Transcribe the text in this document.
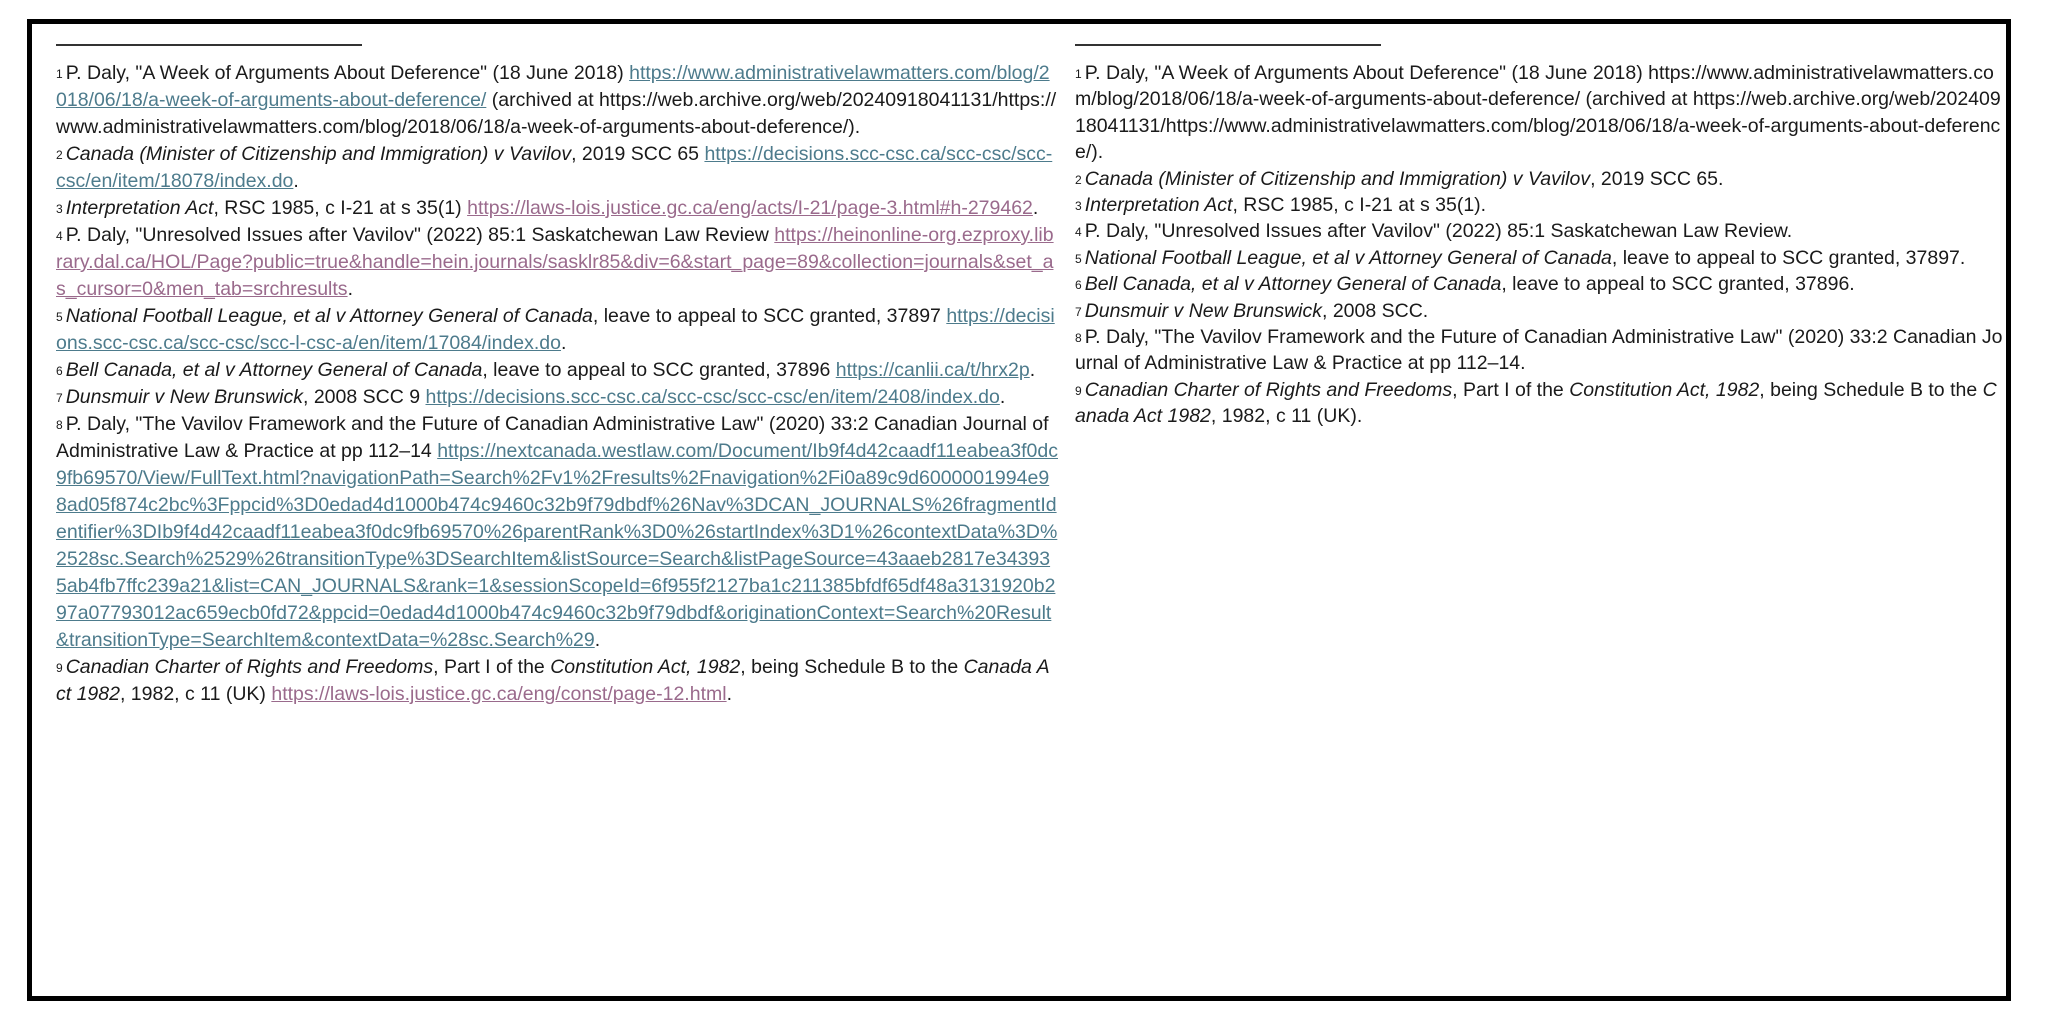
$^1$ P. Daly, "A Week of Arguments About Deference" (18 June 2018) https://www.administrativelawmatters.com/blog/2018/06/18/a-week-of-arguments-about-deference/ (archived at https://web.archive.org/web/20240918041131/https://www.administrativelawmatters.com/blog/2018/06/18/a-week-of-arguments-about-deference/).

$^2$ Canada (Minister of Citizenship and Immigration) v Vavilov, 2019 SCC 65 https://decisions.scc-csc.ca/scc-csc/scc-csc/en/item/18078/index.do.

$^3$ Interpretation Act, RSC 1985, c I-21 at s 35(1) https://laws-lois.justice.gc.ca/eng/acts/I-21/page-3.html#h-279462.

$^4$ P. Daly, "Unresolved Issues after Vavilov" (2022) 85:1 Saskatchewan Law Review https://heinonline-org.ezproxy.library.dal.ca/HOL/Page?public=true&handle=hein.journals/sasklr85&div=6&start_page=89&collection=journals&set_as_cursor=0&men_tab=srchresults.

$^5$ National Football League, et al v Attorney General of Canada, leave to appeal to SCC granted, 37897 https://decisions.scc-csc.ca/scc-csc/scc-l-csc-a/en/item/17084/index.do.

$^6$ Bell Canada, et al v Attorney General of Canada, leave to appeal to SCC granted, 37896 https://canlii.ca/t/hrx2p.

$^7$ Dunsmuir v New Brunswick, 2008 SCC 9 https://decisions.scc-csc.ca/scc-csc/scc-csc/en/item/2408/index.do.

$^8$ P. Daly, "The Vavilov Framework and the Future of Canadian Administrative Law" (2020) 33:2 Canadian Journal of Administrative Law & Practice at pp 112–14 https://nextcanada.westlaw.com/Document/Ib9f4d42caadf11eabea3f0dc9fb69570/View/FullText.html?navigationPath=Search%2Fv1%2Fresults%2Fnavigation%2Fi0a89c9d6000001994e98ad05f874c2bc%3Fppcid%3D0edad4d1000b474c9460c32b9f79dbdf%26Nav%3DCAN_JOURNALS%26fragmentIdentifier%3DIb9f4d42caadf11eabea3f0dc9fb69570%26parentRank%3D0%26startIndex%3D1%26contextData%3D%2528sc.Search%2529%26transitionType%3DSearchItem&listSource=Search&listPageSource=43aaeb2817e343935ab4fb7ffc239a21&list=CAN_JOURNALS&rank=1&sessionScopeId=6f955f2127ba1c211385bfdf65df48a3131920b297a07793012ac659ecb0fd72&ppcid=0edad4d1000b474c9460c32b9f79dbdf&originationContext=Search%20Result&transitionType=SearchItem&contextData=%28sc.Search%29.

$^9$ Canadian Charter of Rights and Freedoms, Part I of the Constitution Act, 1982, being Schedule B to the Canada Act 1982, 1982, c 11 (UK) https://laws-lois.justice.gc.ca/eng/const/page-12.html.

$^1$ P. Daly, "A Week of Arguments About Deference" (18 June 2018) https://www.administrativelawmatters.com/blog/2018/06/18/a-week-of-arguments-about-deference/ (archived at https://web.archive.org/web/20240918041131/https://www.administrativelawmatters.com/blog/2018/06/18/a-week-of-arguments-about-deference/).

$^2$ Canada (Minister of Citizenship and Immigration) v Vavilov, 2019 SCC 65.

$^3$ Interpretation Act, RSC 1985, c I-21 at s 35(1).

$^4$ P. Daly, "Unresolved Issues after Vavilov" (2022) 85:1 Saskatchewan Law Review.

$^5$ National Football League, et al v Attorney General of Canada, leave to appeal to SCC granted, 37897.

$^6$ Bell Canada, et al v Attorney General of Canada, leave to appeal to SCC granted, 37896.

$^7$ Dunsmuir v New Brunswick, 2008 SCC.

$^8$ P. Daly, "The Vavilov Framework and the Future of Canadian Administrative Law" (2020) 33:2 Canadian Journal of Administrative Law & Practice at pp 112–14.

$^9$ Canadian Charter of Rights and Freedoms, Part I of the Constitution Act, 1982, being Schedule B to the Canada Act 1982, 1982, c 11 (UK).
